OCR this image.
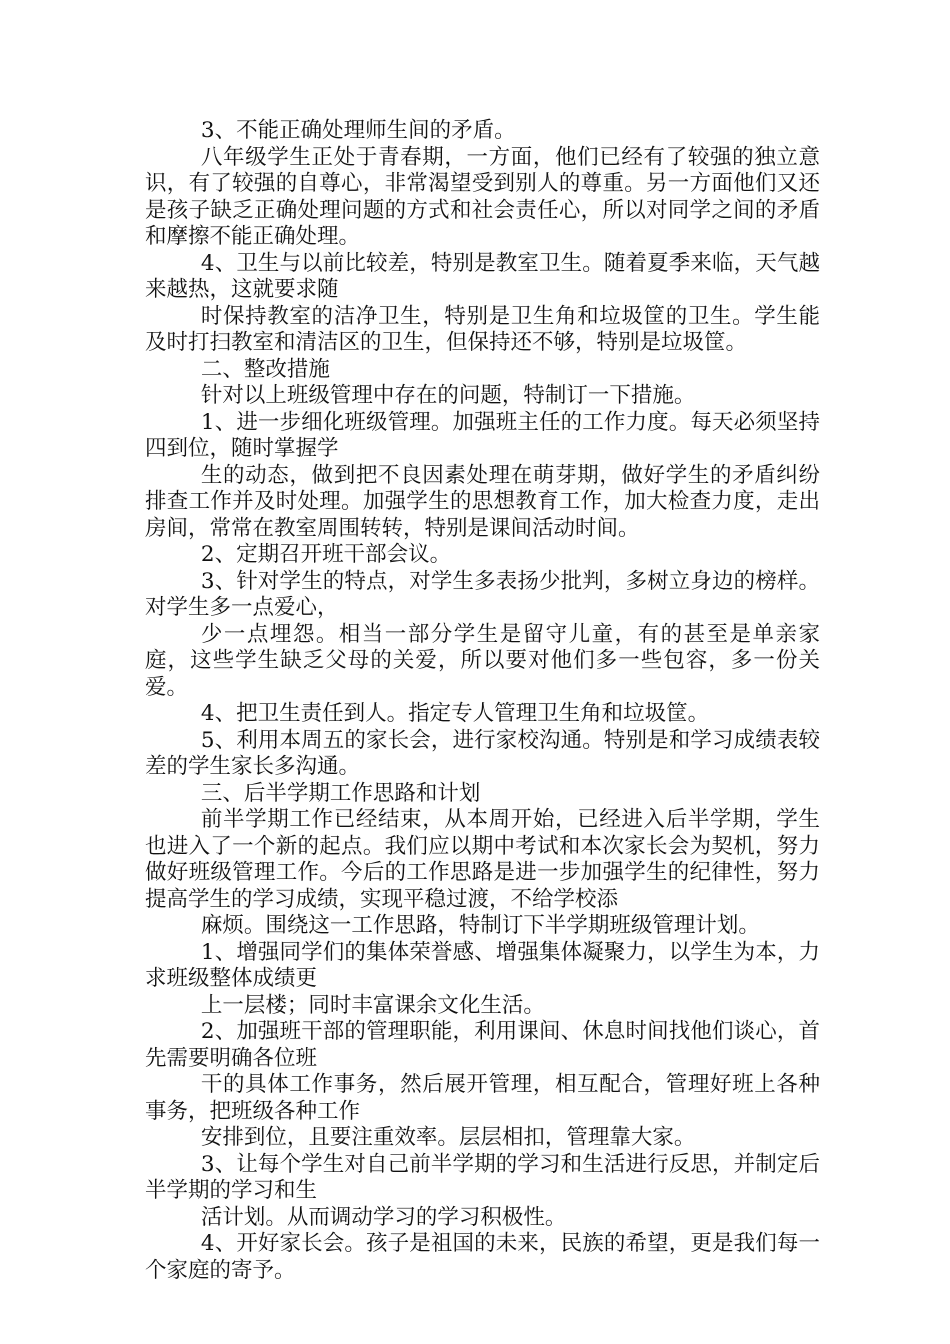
3、不能正确处理师生间的矛盾。

八年级学生正处于青春期，一方面，他们已经有了较强的独立意识，有了较强的自尊心，非常渴望受到别人的尊重。另一方面他们又还是孩子缺乏正确处理问题的方式和社会责任心，所以对同学之间的矛盾和摩擦不能正确处理。

4、卫生与以前比较差，特别是教室卫生。随着夏季来临，天气越来越热，这就要求随

时保持教室的洁净卫生，特别是卫生角和垃圾筐的卫生。学生能及时打扫教室和清洁区的卫生，但保持还不够，特别是垃圾筐。

二、整改措施

针对以上班级管理中存在的问题，特制订一下措施。

1、进一步细化班级管理。加强班主任的工作力度。每天必须坚持四到位，随时掌握学

生的动态，做到把不良因素处理在萌芽期，做好学生的矛盾纠纷排查工作并及时处理。加强学生的思想教育工作，加大检查力度，走出房间，常常在教室周围转转，特别是课间活动时间。

2、定期召开班干部会议。

3、针对学生的特点，对学生多表扬少批判，多树立身边的榜样。对学生多一点爱心，

少一点埋怨。相当一部分学生是留守儿童，有的甚至是单亲家庭，这些学生缺乏父母的关爱，所以要对他们多一些包容，多一份关爱。

4、把卫生责任到人。指定专人管理卫生角和垃圾筐。

5、利用本周五的家长会，进行家校沟通。特别是和学习成绩表较差的学生家长多沟通。

三、后半学期工作思路和计划

前半学期工作已经结束，从本周开始，已经进入后半学期，学生也进入了一个新的起点。我们应以期中考试和本次家长会为契机，努力做好班级管理工作。今后的工作思路是进一步加强学生的纪律性，努力提高学生的学习成绩，实现平稳过渡，不给学校添

麻烦。围绕这一工作思路，特制订下半学期班级管理计划。

1、增强同学们的集体荣誉感、增强集体凝聚力，以学生为本，力求班级整体成绩更

上一层楼；同时丰富课余文化生活。

2、加强班干部的管理职能，利用课间、休息时间找他们谈心，首先需要明确各位班

干的具体工作事务，然后展开管理，相互配合，管理好班上各种事务，把班级各种工作

安排到位，且要注重效率。层层相扣，管理靠大家。

3、让每个学生对自己前半学期的学习和生活进行反思，并制定后半学期的学习和生

活计划。从而调动学习的学习积极性。

4、开好家长会。孩子是祖国的未来，民族的希望，更是我们每一个家庭的寄予。
